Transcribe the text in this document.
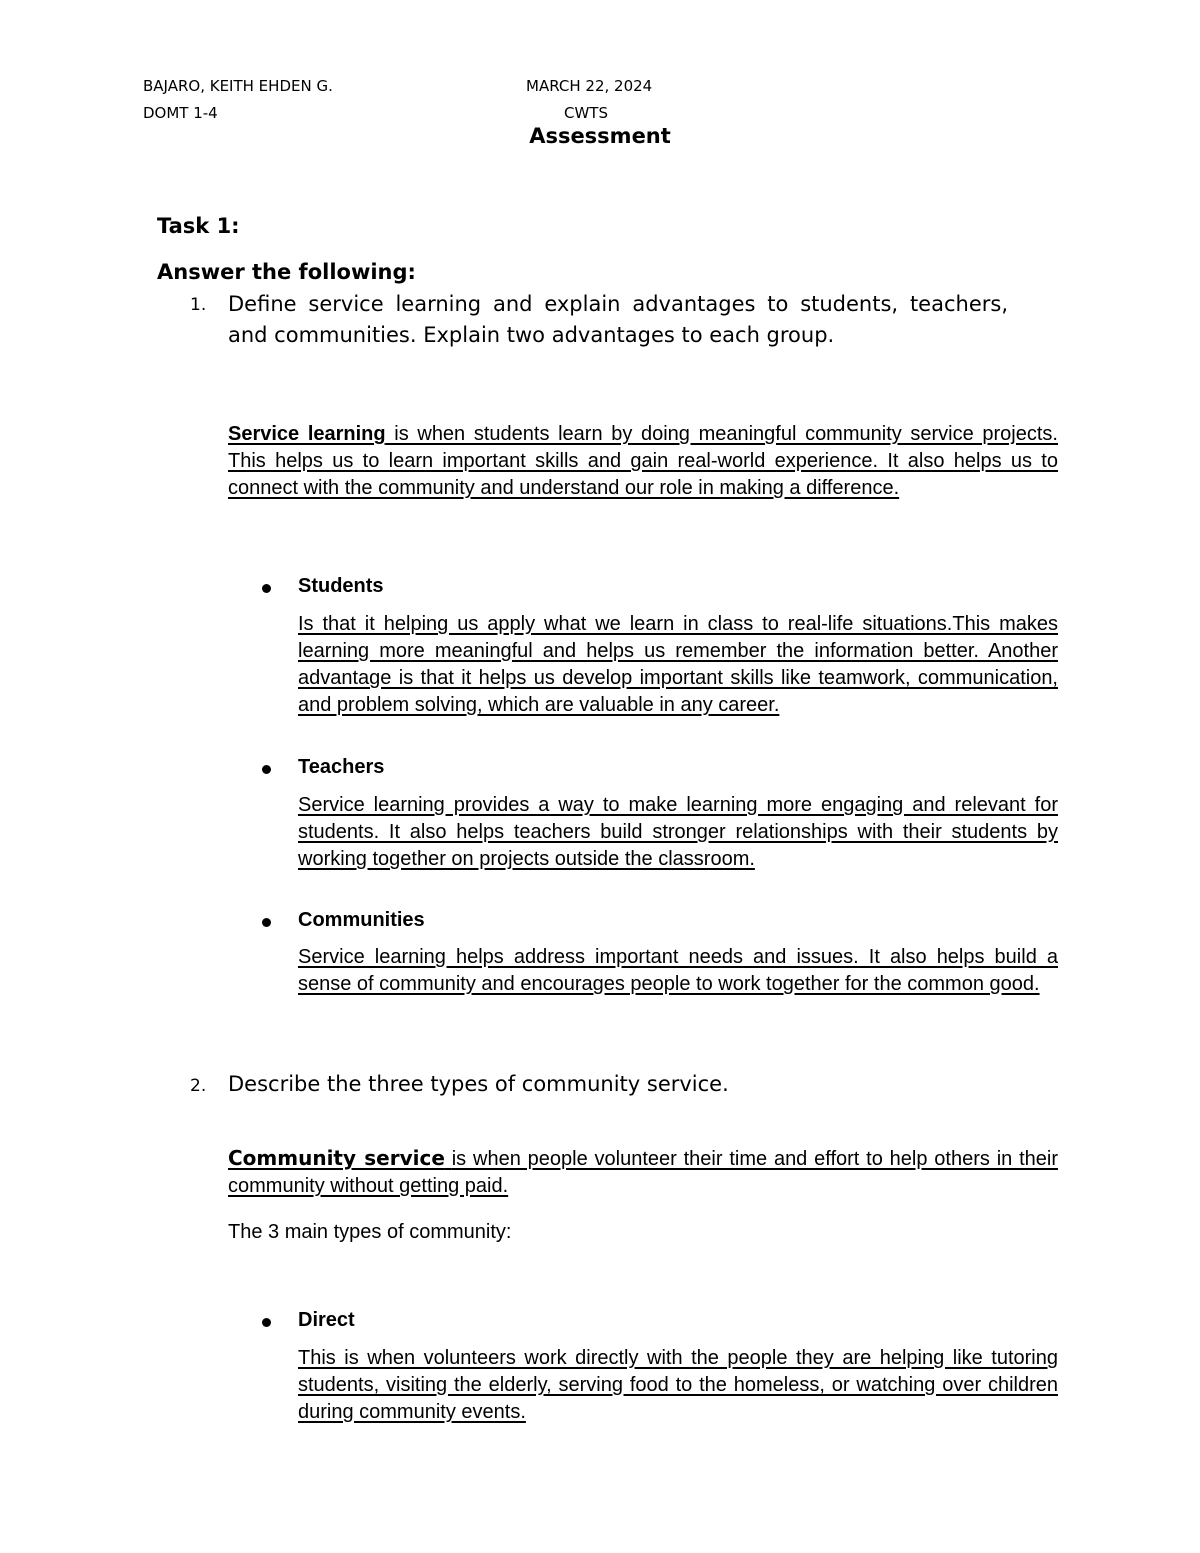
BAJARO, KEITH EHDEN G.
DOMT 1-4
MARCH 22, 2024
CWTS
Assessment
Task 1:
Answer the following:
1. Define service learning and explain advantages to students, teachers, and communities. Explain two advantages to each group.
Service learning is when students learn by doing meaningful community service projects. This helps us to learn important skills and gain real-world experience. It also helps us to connect with the community and understand our role in making a difference.
Students
Is that it helping us apply what we learn in class to real-life situations.This makes learning more meaningful and helps us remember the information better. Another advantage is that it helps us develop important skills like teamwork, communication, and problem solving, which are valuable in any career.
Teachers
Service learning provides a way to make learning more engaging and relevant for students. It also helps teachers build stronger relationships with their students by working together on projects outside the classroom.
Communities
Service learning helps address important needs and issues. It also helps build a sense of community and encourages people to work together for the common good.
2. Describe the three types of community service.
Community service is when people volunteer their time and effort to help others in their community without getting paid.
The 3 main types of community:
Direct
This is when volunteers work directly with the people they are helping like tutoring students, visiting the elderly, serving food to the homeless, or watching over children during community events.
